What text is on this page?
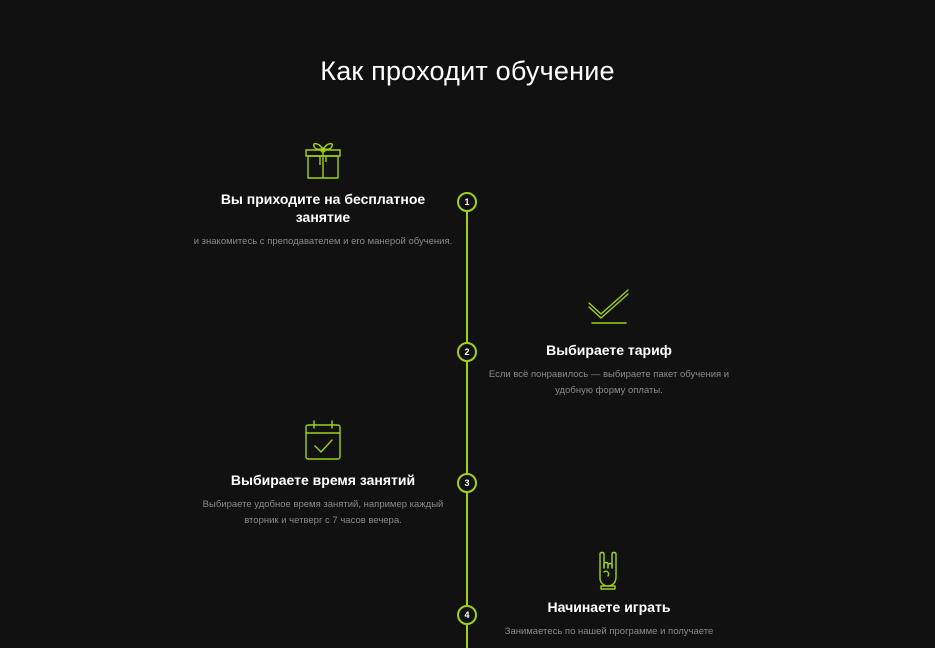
Как проходит обучение
1
2
3
4
Вы приходите на бесплатное занятие

и знакомитесь с преподавателем и его манерой обучения.

Выбираете тариф

Если всё понравилось — выбираете пакет обучения и удобную форму оплаты.

Выбираете время занятий

Выбираете удобное время занятий, например каждый вторник и четверг с 7 часов вечера.

Начинаете играть

Занимаетесь по нашей программе и получаете
